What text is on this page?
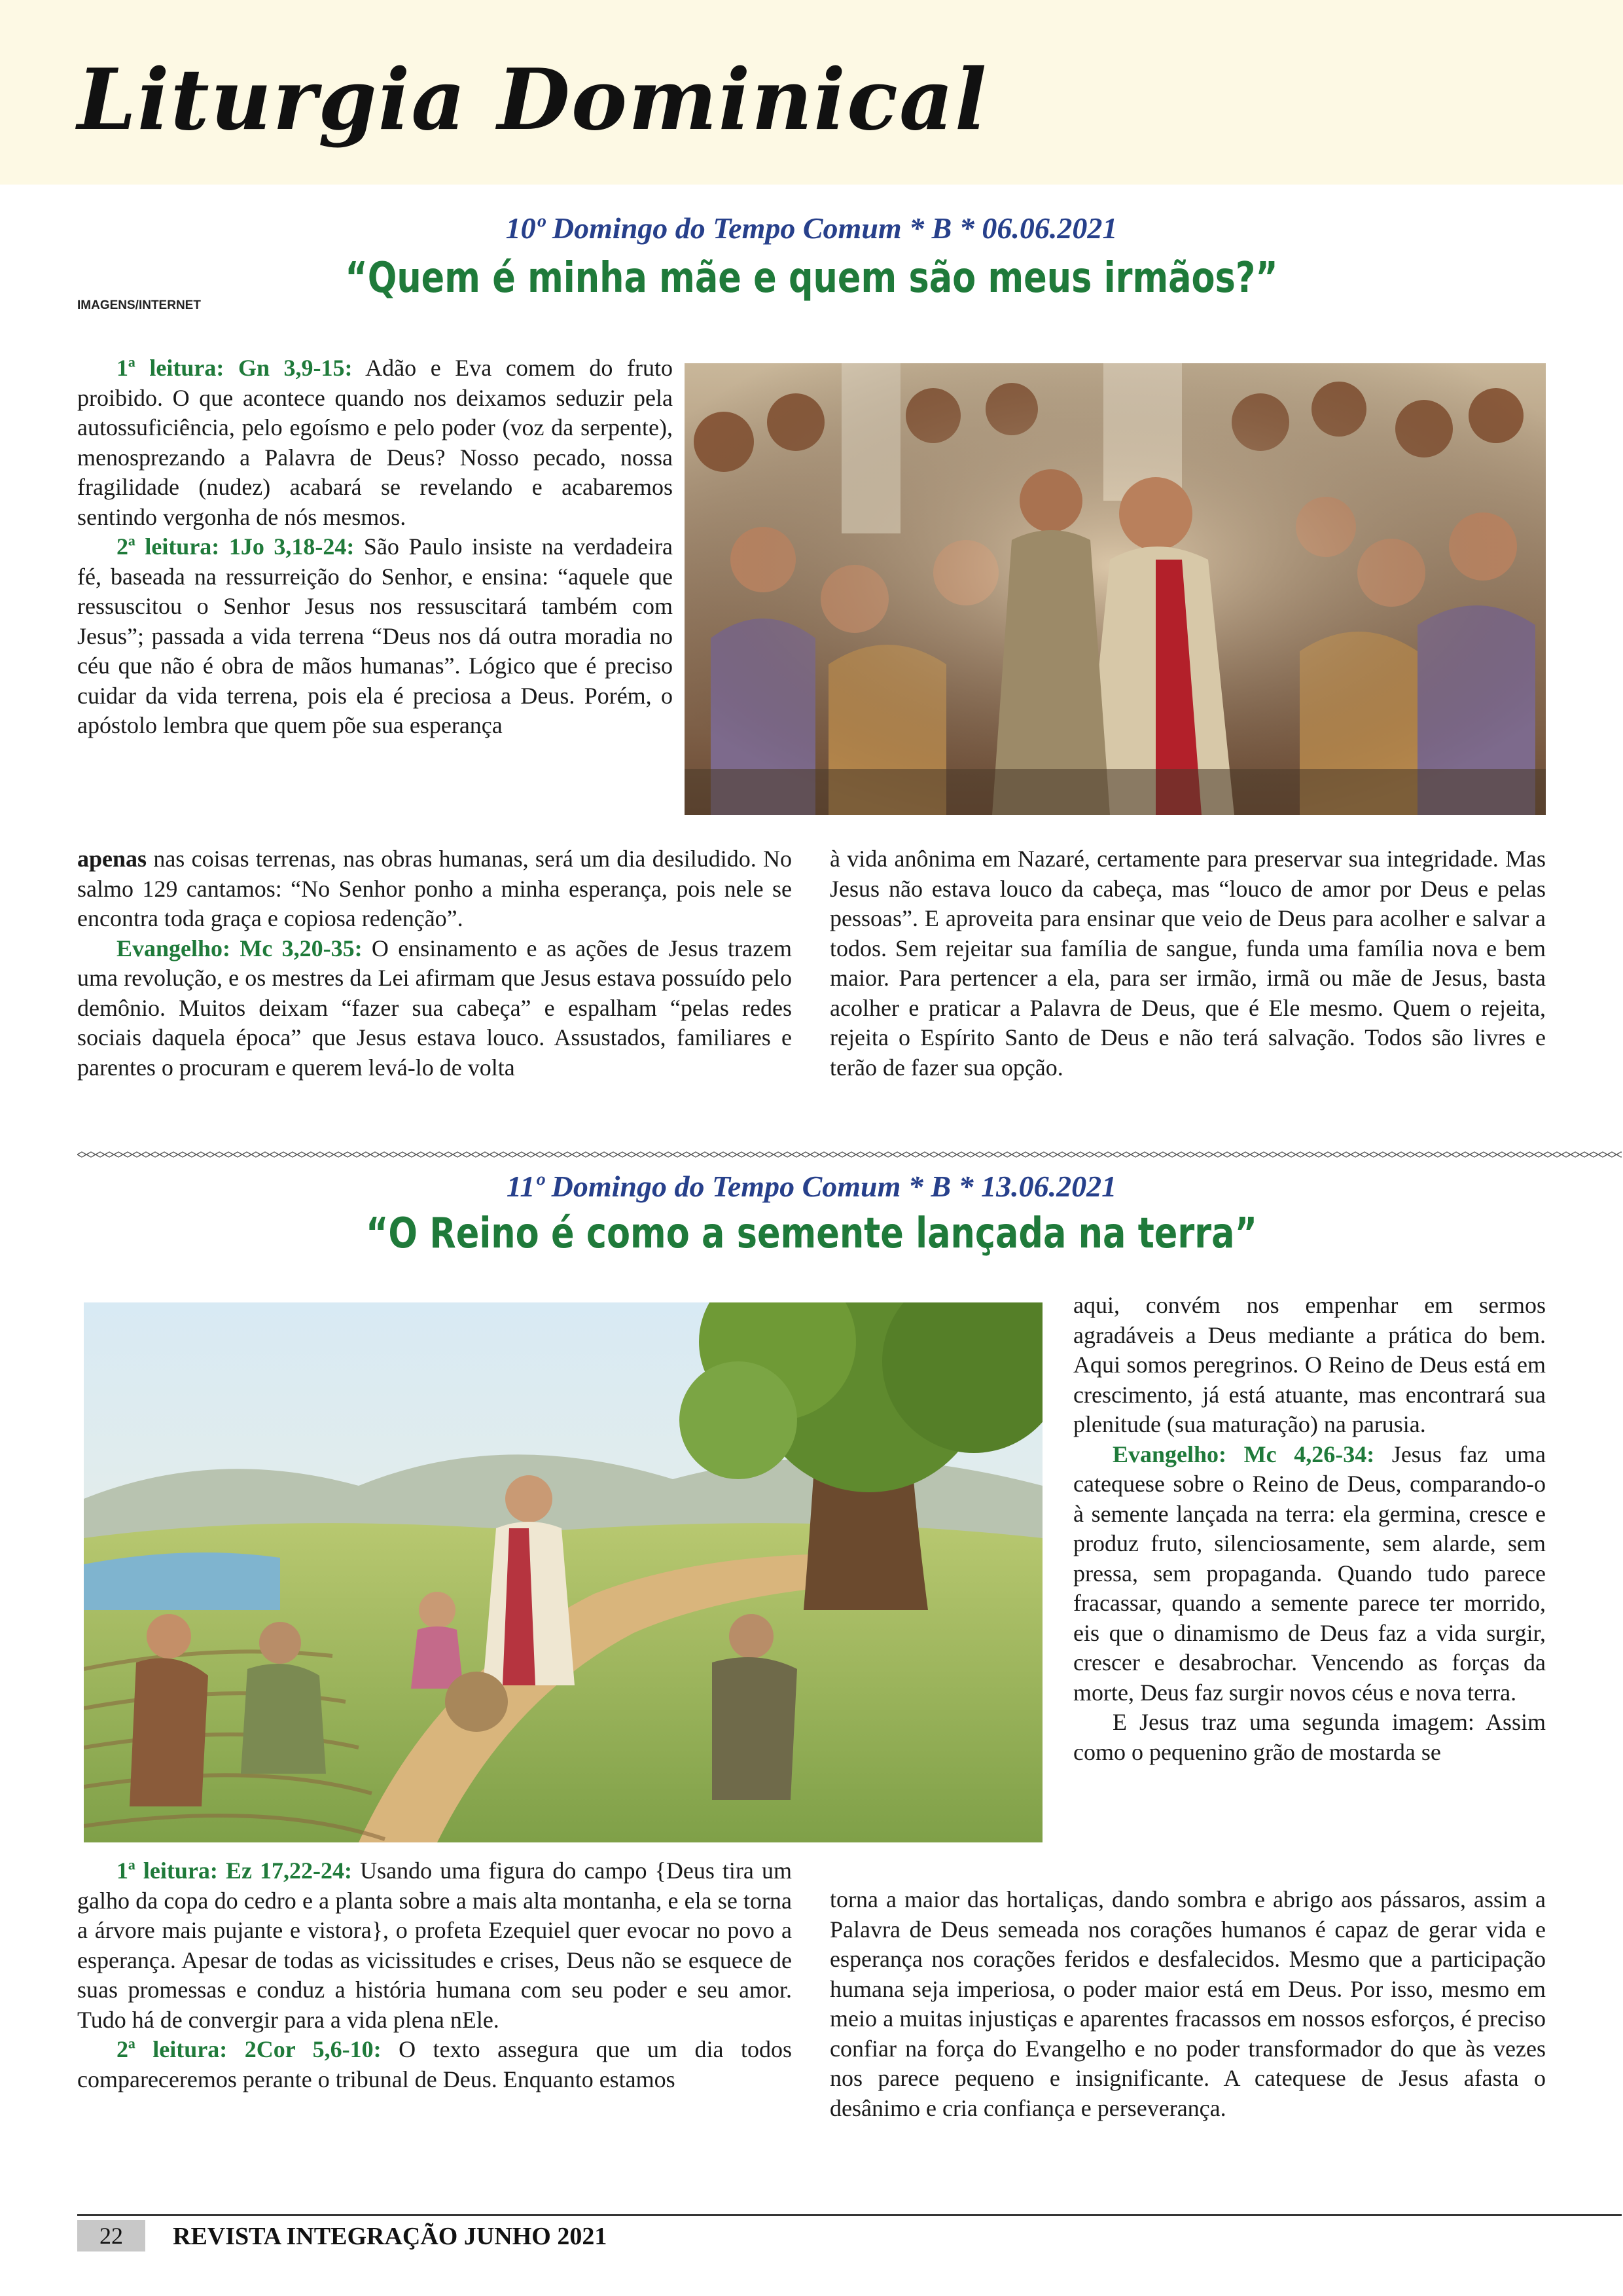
Liturgia Dominical
10º Domingo do Tempo Comum * B * 06.06.2021
“Quem é minha mãe e quem são meus irmãos?”
IMAGENS/INTERNET

1ª leitura: Gn 3,9-15: Adão e Eva comem do fruto proibido. O que acontece quando nos deixamos seduzir pela autossuficiência, pelo egoísmo e pelo poder (voz da serpente), menosprezando a Palavra de Deus? Nosso pecado, nossa fragilidade (nudez) acabará se revelando e acabaremos sentindo vergonha de nós mesmos.

2ª leitura: 1Jo 3,18-24: São Paulo insiste na verdadeira fé, baseada na ressurreição do Senhor, e ensina: “aquele que ressuscitou o Senhor Jesus nos ressuscitará também com Jesus”; passada a vida terrena “Deus nos dá outra moradia no céu que não é obra de mãos humanas”. Lógico que é preciso cuidar da vida terrena, pois ela é preciosa a Deus. Porém, o apóstolo lembra que quem põe sua esperança

apenas nas coisas terrenas, nas obras humanas, será um dia desiludido. No salmo 129 cantamos: “No Senhor ponho a minha esperança, pois nele se encontra toda graça e copiosa redenção”.

Evangelho: Mc 3,20-35: O ensinamento e as ações de Jesus trazem uma revolução, e os mestres da Lei afirmam que Jesus estava possuído pelo demônio. Muitos deixam “fazer sua cabeça” e espalham “pelas redes sociais daquela época” que Jesus estava louco. Assustados, familiares e parentes o procuram e querem levá-lo de volta

à vida anônima em Nazaré, certamente para preservar sua integridade. Mas Jesus não estava louco da cabeça, mas “louco de amor por Deus e pelas pessoas”. E aproveita para ensinar que veio de Deus para acolher e salvar a todos. Sem rejeitar sua família de sangue, funda uma família nova e bem maior. Para pertencer a ela, para ser irmão, irmã ou mãe de Jesus, basta acolher e praticar a Palavra de Deus, que é Ele mesmo. Quem o rejeita, rejeita o Espírito Santo de Deus e não terá salvação. Todos são livres e terão de fazer sua opção.

11º Domingo do Tempo Comum * B * 13.06.2021
“O Reino é como a semente lançada na terra”

aqui, convém nos empenhar em sermos agradáveis a Deus mediante a prática do bem. Aqui somos peregrinos. O Reino de Deus está em crescimento, já está atuante, mas encontrará sua plenitude (sua maturação) na parusia.

Evangelho: Mc 4,26-34: Jesus faz uma catequese sobre o Reino de Deus, comparando-o à semente lançada na terra: ela germina, cresce e produz fruto, silenciosamente, sem alarde, sem pressa, sem propaganda. Quando tudo parece fracassar, quando a semente parece ter morrido, eis que o dinamismo de Deus faz a vida surgir, crescer e desabrochar. Vencendo as forças da morte, Deus faz surgir novos céus e nova terra.

E Jesus traz uma segunda imagem: Assim como o pequenino grão de mostarda se

1ª leitura: Ez 17,22-24: Usando uma figura do campo {Deus tira um galho da copa do cedro e a planta sobre a mais alta montanha, e ela se torna a árvore mais pujante e vistora}, o profeta Ezequiel quer evocar no povo a esperança. Apesar de todas as vicissitudes e crises, Deus não se esquece de suas promessas e conduz a história humana com seu poder e seu amor. Tudo há de convergir para a vida plena nEle.

2ª leitura: 2Cor 5,6-10: O texto assegura que um dia todos compareceremos perante o tribunal de Deus. Enquanto estamos

torna a maior das hortaliças, dando sombra e abrigo aos pássaros, assim a Palavra de Deus semeada nos corações humanos é capaz de gerar vida e esperança nos corações feridos e desfalecidos. Mesmo que a participação humana seja imperiosa, o poder maior está em Deus. Por isso, mesmo em meio a muitas injustiças e aparentes fracassos em nossos esforços, é preciso confiar na força do Evangelho e no poder transformador do que às vezes nos parece pequeno e insignificante. A catequese de Jesus afasta o desânimo e cria confiança e perseverança.

22	REVISTA INTEGRAÇÃO JUNHO 2021
